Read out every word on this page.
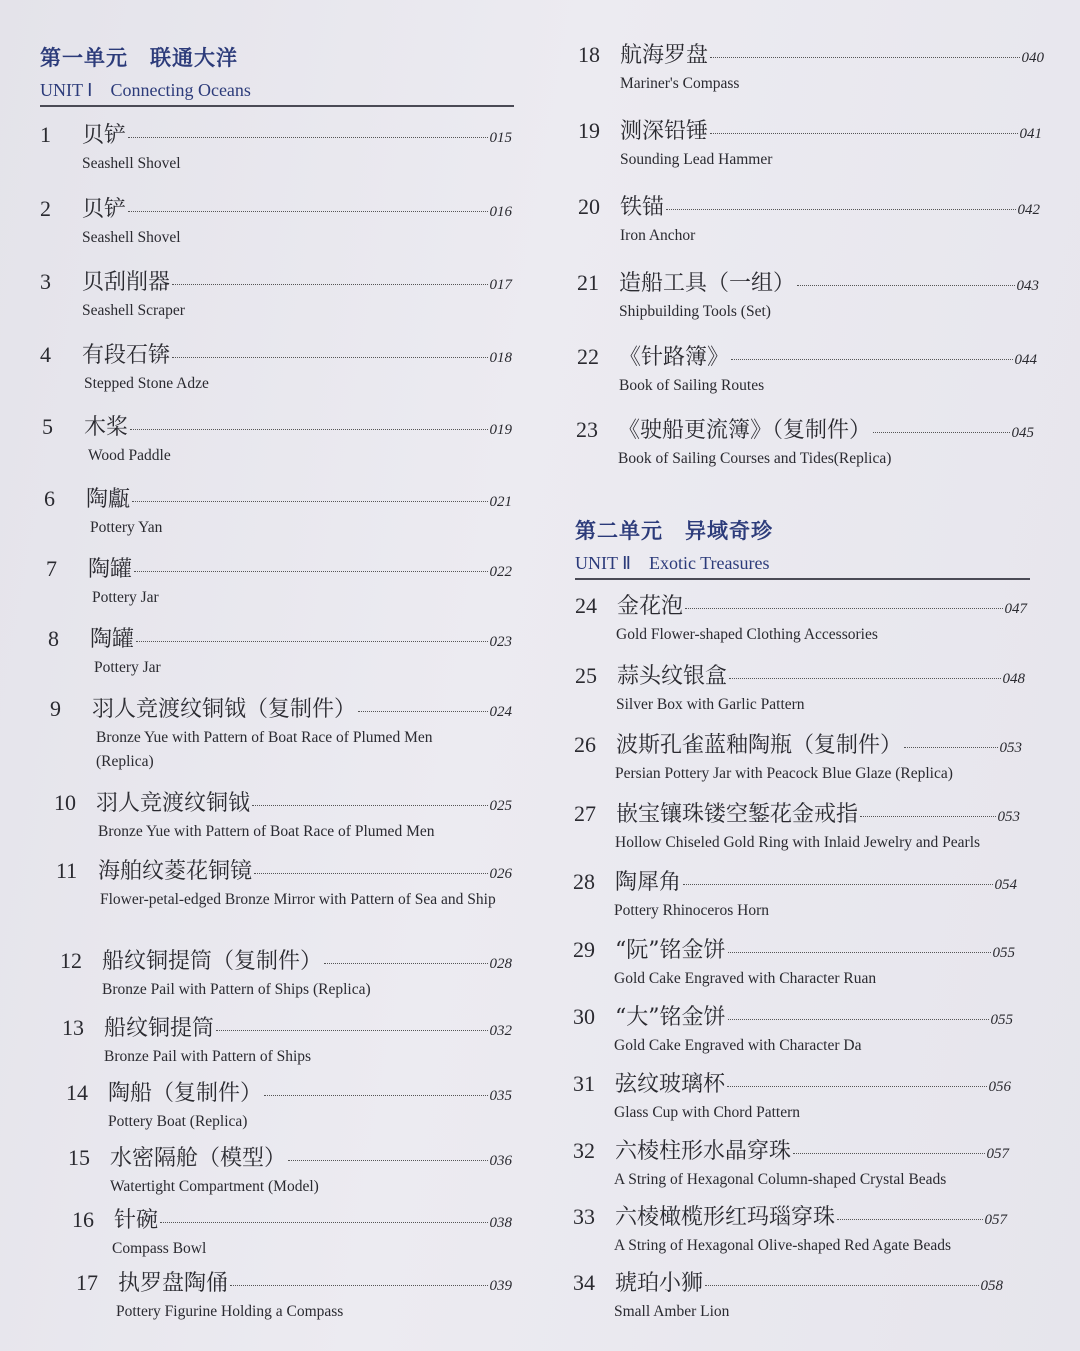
第一单元　联通大洋
UNIT Ⅰ　Connecting Oceans
第二单元　异域奇珍
UNIT Ⅱ　Exotic Treasures
1	贝铲	015
Seashell Shovel
2	贝铲	016
Seashell Shovel
3	贝刮削器	017
Seashell Scraper
4	有段石锛	018
Stepped Stone Adze
5	木桨	019
Wood Paddle
6	陶甗	021
Pottery Yan
7	陶罐	022
Pottery Jar
8	陶罐	023
Pottery Jar
9	羽人竞渡纹铜钺（复制件）	024
Bronze Yue with Pattern of Boat Race of Plumed Men (Replica)
10 羽人竞渡纹铜钺	025
Bronze Yue with Pattern of Boat Race of Plumed Men
11 海舶纹菱花铜镜	026
Flower-petal-edged Bronze Mirror with Pattern of Sea and Ship
12 船纹铜提筒（复制件）	028
Bronze Pail with Pattern of Ships (Replica)
13 船纹铜提筒	032
Bronze Pail with Pattern of Ships
14 陶船（复制件）	035
Pottery Boat (Replica)
15 水密隔舱（模型）	036
Watertight Compartment (Model)
16 针碗	038
Compass Bowl
17 执罗盘陶俑	039
Pottery Figurine Holding a Compass
18 航海罗盘	040
Mariner's Compass
19 测深铅锤	041
Sounding Lead Hammer
20 铁锚	042
Iron Anchor
21 造船工具（一组）	043
Shipbuilding Tools (Set)
22 《针路簿》	044
Book of Sailing Routes
23 《驶船更流簿》（复制件）	045
Book of Sailing Courses and Tides(Replica)
24 金花泡	047
Gold Flower-shaped Clothing Accessories
25 蒜头纹银盒	048
Silver Box with Garlic Pattern
26 波斯孔雀蓝釉陶瓶（复制件）	053
Persian Pottery Jar with Peacock Blue Glaze (Replica)
27 嵌宝镶珠镂空錾花金戒指	053
Hollow Chiseled Gold Ring with Inlaid Jewelry and Pearls
28 陶犀角	054
Pottery Rhinoceros Horn
29 “阮”铭金饼	055
Gold Cake Engraved with Character Ruan
30 “大”铭金饼	055
Gold Cake Engraved with Character Da
31 弦纹玻璃杯	056
Glass Cup with Chord Pattern
32 六棱柱形水晶穿珠	057
A String of Hexagonal Column-shaped Crystal Beads
33 六棱橄榄形红玛瑙穿珠	057
A String of Hexagonal Olive-shaped Red Agate Beads
34 琥珀小狮	058
Small Amber Lion
